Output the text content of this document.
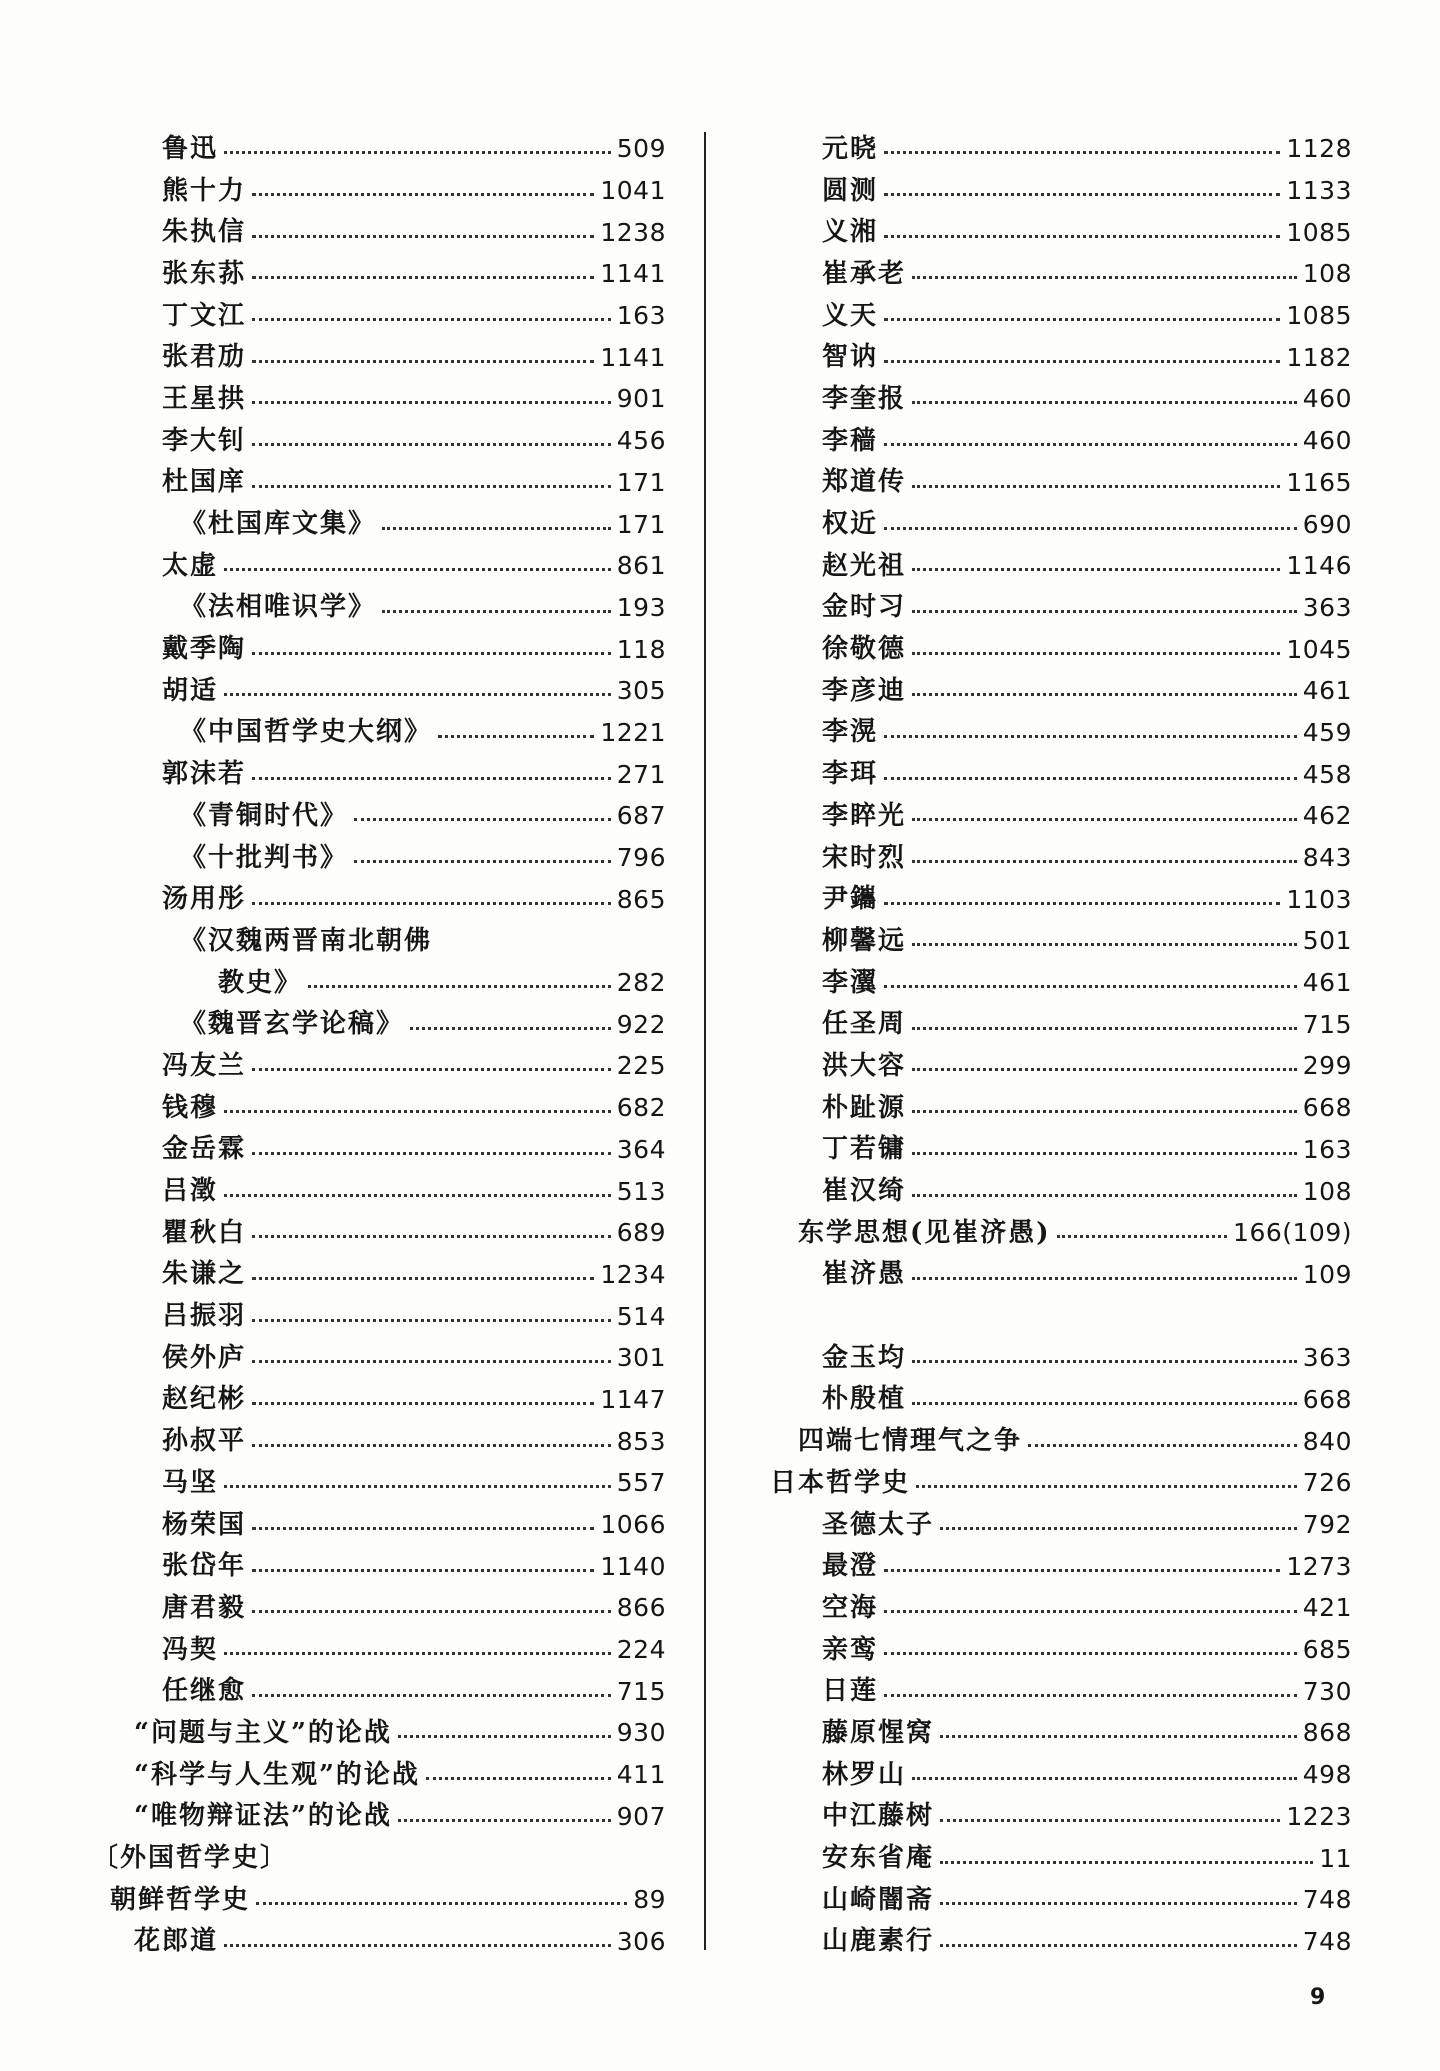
鲁迅	509
熊十力	1041
朱执信	1238
张东荪	1141
丁文江	163
张君劢	1141
王星拱	901
李大钊	456
杜国庠	171
《杜国库文集》	171
太虚	861
《法相唯识学》	193
戴季陶	118
胡适	305
《中国哲学史大纲》	1221
郭沫若	271
《青铜时代》	687
《十批判书》	796
汤用彤	865
《汉魏两晋南北朝佛
教史》	282
《魏晋玄学论稿》	922
冯友兰	225
钱穆	682
金岳霖	364
吕澂	513
瞿秋白	689
朱谦之	1234
吕振羽	514
侯外庐	301
赵纪彬	1147
孙叔平	853
马坚	557
杨荣国	1066
张岱年	1140
唐君毅	866
冯契	224
任继愈	715
“问题与主义”的论战	930
“科学与人生观”的论战	411
“唯物辩证法”的论战	907
〔外国哲学史〕
朝鲜哲学史	89
花郎道	306
元晓	1128
圆测	1133
义湘	1085
崔承老	108
义天	1085
智讷	1182
李奎报	460
李穑	460
郑道传	1165
权近	690
赵光祖	1146
金时习	363
徐敬德	1045
李彦迪	461
李滉	459
李珥	458
李睟光	462
宋时烈	843
尹鑴	1103
柳馨远	501
李瀷	461
任圣周	715
洪大容	299
朴趾源	668
丁若镛	163
崔汉绮	108
东学思想(见崔济愚)	166(109)
崔济愚	109
金玉均	363
朴殷植	668
四端七情理气之争	840
日本哲学史	726
圣德太子	792
最澄	1273
空海	421
亲鸾	685
日莲	730
藤原惺窝	868
林罗山	498
中江藤树	1223
安东省庵	11
山崎闇斋	748
山鹿素行	748
9
